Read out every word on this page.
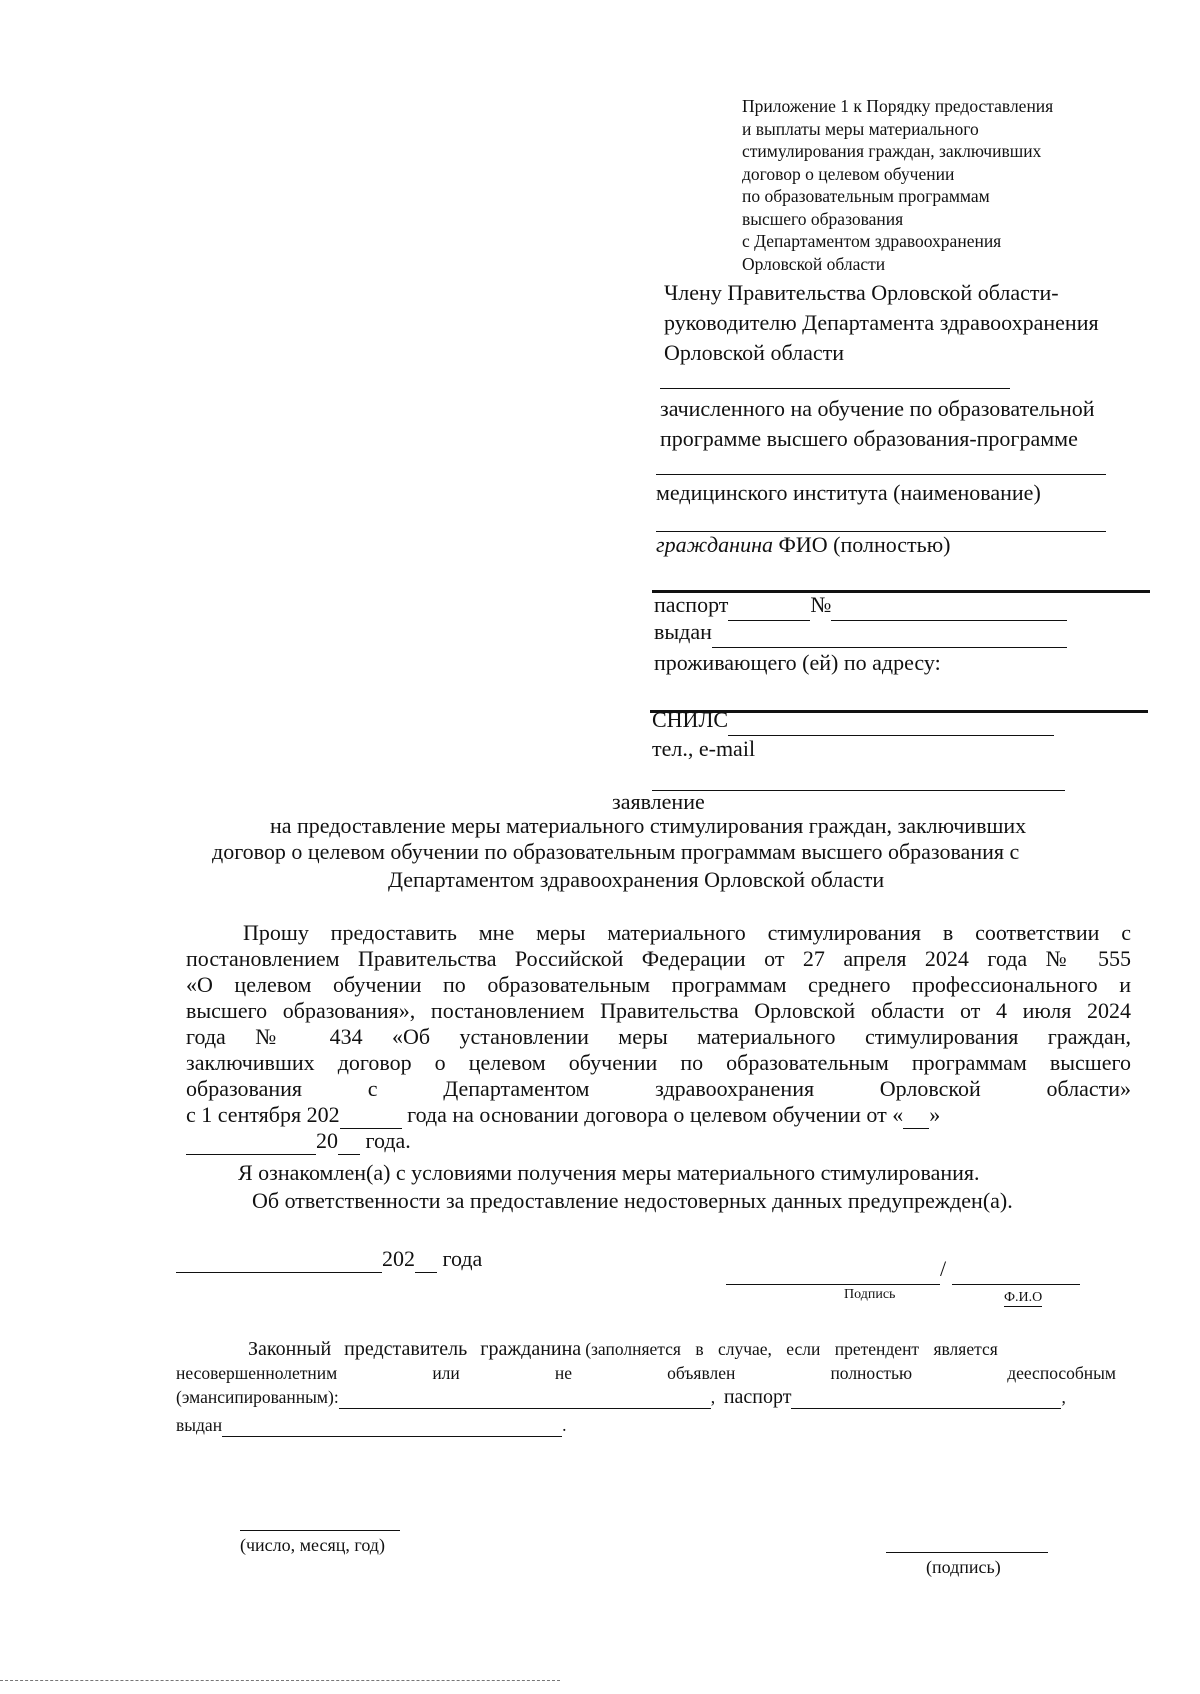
Приложение 1 к Порядку предоставления
и выплаты меры материального
стимулирования граждан, заключивших
договор о целевом обучении
по образовательным программам
высшего образования
с Департаментом здравоохранения
Орловской области
Члену Правительства Орловской области-
руководителю Департамента здравоохранения
Орловской области
зачисленного на обучение по образовательной
программе высшего образования-программе
медицинского института (наименование)
гражданина ФИО (полностью)
паспорт	№
выдан
проживающего (ей) по адресу:
СНИЛС
тел., e-mail
заявление
на предоставление меры материального стимулирования граждан, заключивших
договор о целевом обучении по образовательным программам высшего образования с
Департаментом здравоохранения Орловской области
Прошу предоставить мне меры материального стимулирования в соответствии с
постановлением Правительства Российской Федерации от 27 апреля 2024 года № 555
«О целевом обучении по образовательным программам среднего профессионального и
высшего образования», постановлением Правительства Орловской области от 4 июля 2024
года № 434 «Об установлении меры материального стимулирования граждан,
заключивших договор о целевом обучении по образовательным программам высшего
образования с Департаментом здравоохранения Орловской области»
с 1 сентября 202	года на основании договора о целевом обучении от « »
20  года.
Я ознакомлен(а) с условиями получения меры материального стимулирования.
Об ответственности за предоставление недостоверных данных предупрежден(а).
202  года	/
Подпись	Ф.И.О
Законный представитель гражданина (заполняется в случае, если претендент является
несовершеннолетним или не объявлен полностью дееспособным
(эмансипированным):	,  паспорт	,
выдан	.
(число, месяц, год)
(подпись)
